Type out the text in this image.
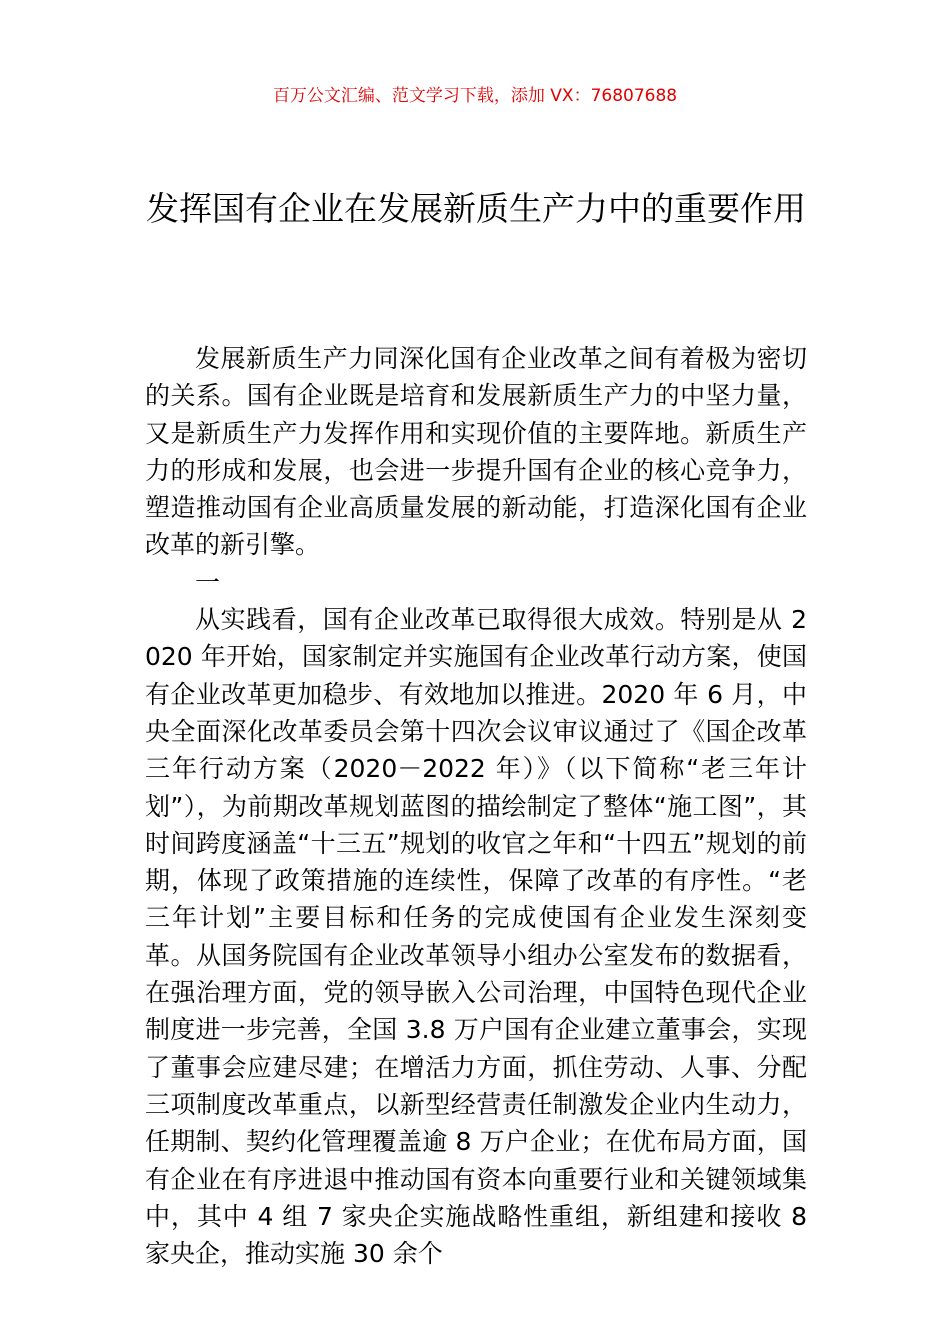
百万公文汇编、范文学习下载，添加 VX：76807688
发挥国有企业在发展新质生产力中的重要作用

发展新质生产力同深化国有企业改革之间有着极为密切的关系。国有企业既是培育和发展新质生产力的中坚力量，又是新质生产力发挥作用和实现价值的主要阵地。新质生产力的形成和发展，也会进一步提升国有企业的核心竞争力，塑造推动国有企业高质量发展的新动能，打造深化国有企业改革的新引擎。

一

从实践看，国有企业改革已取得很大成效。特别是从 2020 年开始，国家制定并实施国有企业改革行动方案，使国有企业改革更加稳步、有效地加以推进。2020 年 6 月，中央全面深化改革委员会第十四次会议审议通过了《国企改革三年行动方案（2020－2022 年）》（以下简称“老三年计划”），为前期改革规划蓝图的描绘制定了整体“施工图”，其时间跨度涵盖“十三五”规划的收官之年和“十四五”规划的前期，体现了政策措施的连续性，保障了改革的有序性。“老三年计划”主要目标和任务的完成使国有企业发生深刻变革。从国务院国有企业改革领导小组办公室发布的数据看，在强治理方面，党的领导嵌入公司治理，中国特色现代企业制度进一步完善，全国 3.8 万户国有企业建立董事会，实现了董事会应建尽建；在增活力方面，抓住劳动、人事、分配三项制度改革重点，以新型经营责任制激发企业内生动力，任期制、契约化管理覆盖逾 8 万户企业；在优布局方面，国有企业在有序进退中推动国有资本向重要行业和关键领域集中，其中 4 组 7 家央企实施战略性重组，新组建和接收 8 家央企，推动实施 30 余个
